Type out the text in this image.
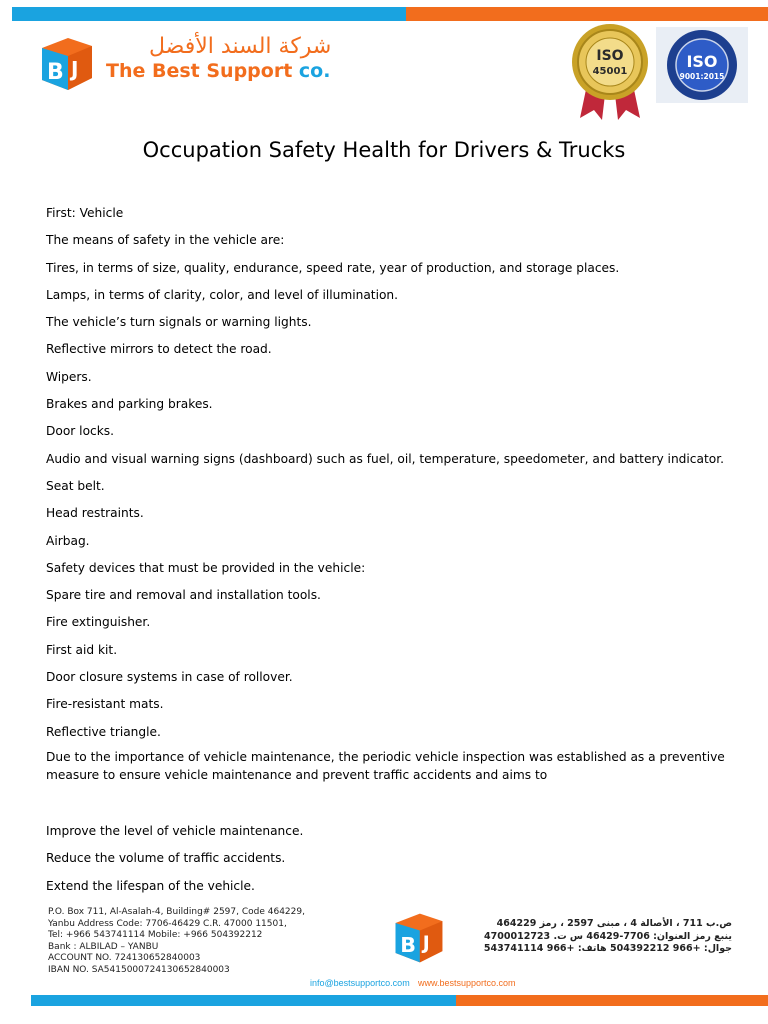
B J
شركة السند الأفضل
The Best Support co.
ISO
45001
ISO
9001:2015
Occupation Safety Health for Drivers & Trucks
First: Vehicle
The means of safety in the vehicle are:
Tires, in terms of size, quality, endurance, speed rate, year of production, and storage places.
Lamps, in terms of clarity, color, and level of illumination.
The vehicle’s turn signals or warning lights.
Reflective mirrors to detect the road.
Wipers.
Brakes and parking brakes.
Door locks.
Audio and visual warning signs (dashboard) such as fuel, oil, temperature, speedometer, and battery indicator.
Seat belt.
Head restraints.
Airbag.
Safety devices that must be provided in the vehicle:
Spare tire and removal and installation tools.
Fire extinguisher.
First aid kit.
Door closure systems in case of rollover.
Fire-resistant mats.
Reflective triangle.
Due to the importance of vehicle maintenance, the periodic vehicle inspection was established as a preventive measure to ensure vehicle maintenance and prevent traffic accidents and aims to
Improve the level of vehicle maintenance.
Reduce the volume of traffic accidents.
Extend the lifespan of the vehicle.
P.O. Box 711, Al-Asalah-4, Building# 2597, Code 464229,
Yanbu Address Code: 7706-46429 C.R. 47000 11501,
Tel: +966 543741114 Mobile: +966 504392212
Bank : ALBILAD – YANBU
ACCOUNT NO. 724130652840003
IBAN NO. SA5415000724130652840003
B J
ص.ب 711 ، الأصالة 4 ، مبنى 2597 ، رمز 464229
ينبع رمز العنوان: 7706-46429 س ت. 4700012723
جوال: +966 504392212 هاتف: +966 543741114
info@bestsupportco.com www.bestsupportco.com
